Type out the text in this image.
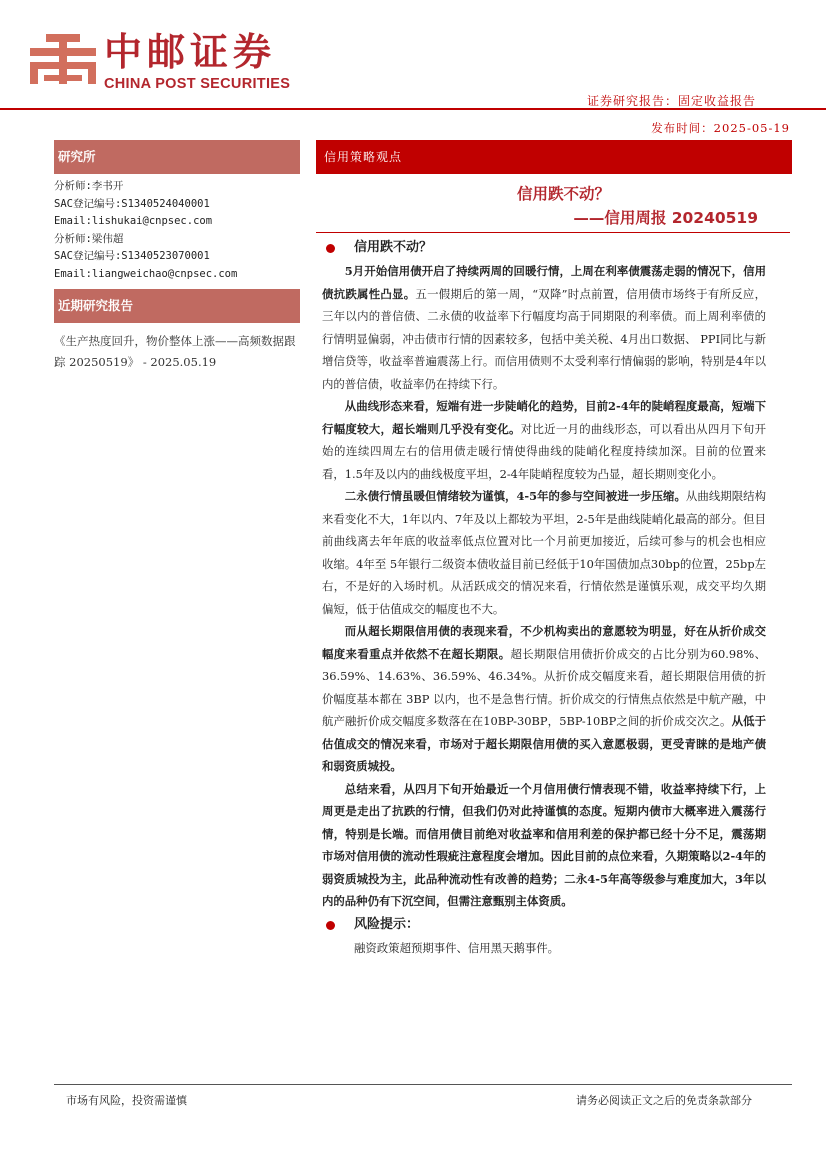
中邮证券
CHINA POST SECURITIES
证券研究报告：固定收益报告
发布时间：2025-05-19
研究所
分析师:李书开
SAC登记编号:S1340524040001
Email:lishukai@cnpsec.com
分析师:梁伟超
SAC登记编号:S1340523070001
Email:liangweichao@cnpsec.com
近期研究报告
《生产热度回升，物价整体上涨——高频数据跟踪 20250519》 - 2025.05.19
信用策略观点
信用跌不动？
——信用周报 20240519
信用跌不动？

5月开始信用债开启了持续两周的回暖行情，上周在利率债震荡走弱的情况下，信用债抗跌属性凸显。五一假期后的第一周，“双降”时点前置，信用债市场终于有所反应，三年以内的普信债、二永债的收益率下行幅度均高于同期限的利率债。而上周利率债的行情明显偏弱，冲击债市行情的因素较多，包括中美关税、4月出口数据、 PPI同比与新增信贷等，收益率普遍震荡上行。而信用债则不太受利率行情偏弱的影响，特别是4年以内的普信债，收益率仍在持续下行。

从曲线形态来看，短端有进一步陡峭化的趋势，目前2-4年的陡峭程度最高，短端下行幅度较大，超长端则几乎没有变化。对比近一月的曲线形态，可以看出从四月下旬开始的连续四周左右的信用债走暖行情使得曲线的陡峭化程度持续加深。目前的位置来看，1.5年及以内的曲线极度平坦，2-4年陡峭程度较为凸显，超长期则变化小。

二永债行情虽暖但情绪较为谨慎，4-5年的参与空间被进一步压缩。从曲线期限结构来看变化不大，1年以内、7年及以上都较为平坦，2-5年是曲线陡峭化最高的部分。但目前曲线离去年年底的收益率低点位置对比一个月前更加接近，后续可参与的机会也相应收缩。4年至 5年银行二级资本债收益目前已经低于10年国债加点30bp的位置，25bp左右，不是好的入场时机。从活跃成交的情况来看，行情依然是谨慎乐观，成交平均久期偏短，低于估值成交的幅度也不大。

而从超长期限信用债的表现来看，不少机构卖出的意愿较为明显，好在从折价成交幅度来看重点并依然不在超长期限。超长期限信用债折价成交的占比分别为60.98%、36.59%、14.63%、36.59%、46.34%。从折价成交幅度来看，超长期限信用债的折价幅度基本都在 3BP 以内，也不是急售行情。折价成交的行情焦点依然是中航产融，中航产融折价成交幅度多数落在在10BP-30BP，5BP-10BP之间的折价成交次之。从低于估值成交的情况来看，市场对于超长期限信用债的买入意愿极弱，更受青睐的是地产债和弱资质城投。

总结来看，从四月下旬开始最近一个月信用债行情表现不错，收益率持续下行，上周更是走出了抗跌的行情，但我们仍对此持谨慎的态度。短期内债市大概率进入震荡行情，特别是长端。而信用债目前绝对收益率和信用利差的保护都已经十分不足，震荡期市场对信用债的流动性瑕疵注意程度会增加。因此目前的点位来看，久期策略以2-4年的弱资质城投为主，此品种流动性有改善的趋势；二永4-5年高等级参与难度加大，3年以内的品种仍有下沉空间，但需注意甄别主体资质。

风险提示：
融资政策超预期事件、信用黑天鹅事件。
市场有风险，投资需谨慎	请务必阅读正文之后的免责条款部分
